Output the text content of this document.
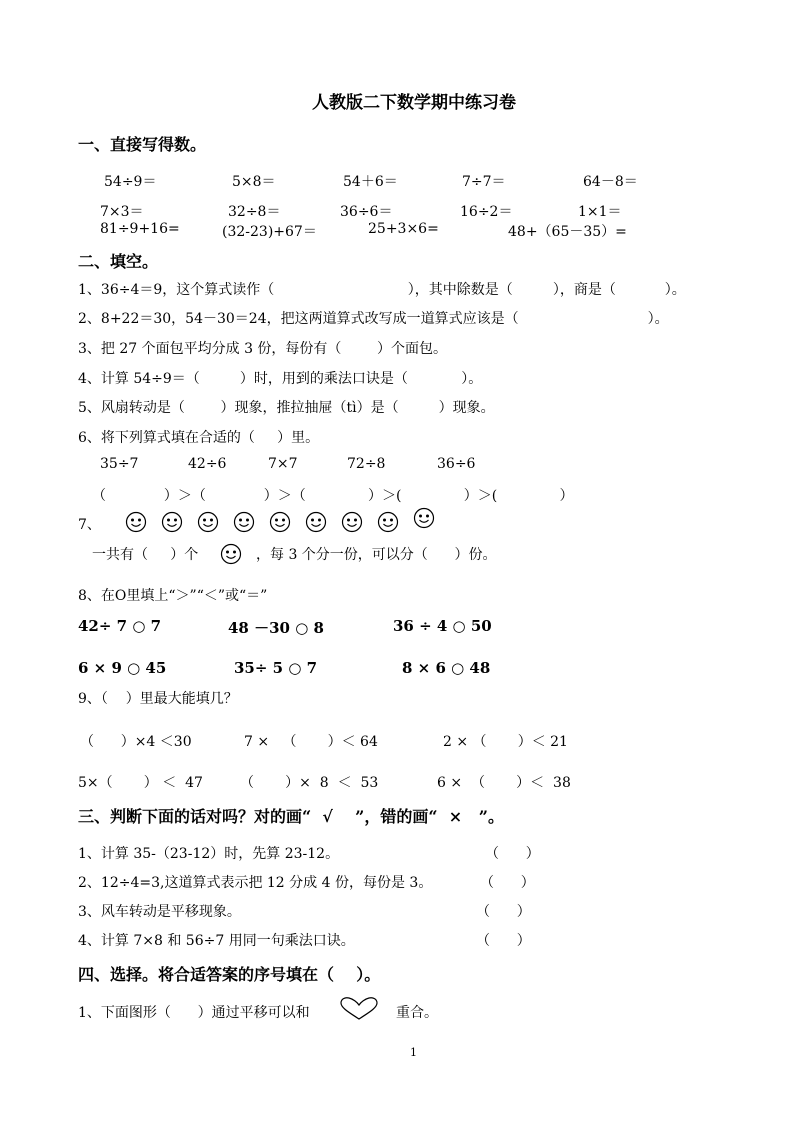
人教版二下数学期中练习卷
一、直接写得数。
54÷9＝	5×8＝	54＋6＝	7÷7＝	64－8＝
7×3＝	32÷8＝	36÷6＝	16÷2＝	1×1＝
81÷9+16=	(32-23)+67＝	25+3×6=	48+（65－35）=
二、填空。
1、36÷4＝9，这个算式读作（                              ），其中除数是（         ），商是（           ）。
2、8+22＝30，54－30＝24，把这两道算式改写成一道算式应该是（                             ）。
3、把 27 个面包平均分成 3 份，每份有（        ）个面包。
4、计算 54÷9＝（         ）时，用到的乘法口诀是（            ）。
5、风扇转动是（        ）现象，推拉抽屉（tì）是（         ）现象。
6、将下列算式填在合适的（     ）里。
35÷7	42÷6	7×7	72÷8	36÷6
（             ）＞（             ）＞（              ）＞(              ）＞(              ）
7、
一共有（     ）个	，每 3 个分一份，可以分（      ）份。
8、在O里填上“＞”“＜”或“＝”
42÷ 7 ○ 7	48 －30 ○ 8	36 ÷ 4 ○ 50
6 × 9 ○ 45	35÷ 5 ○ 7	8 × 6 ○ 48
9、（    ）里最大能填几？
（      ）×4 ＜30	7 ×   （       ）＜ 64	2 × （       ）＜ 21
5×（       ） ＜  47	（       ）×  8  ＜  53	6 ×  （       ）＜  38
三、判断下面的话对吗？对的画“  √    ”，错的画“  ×   ”。
1、计算 35-（23-12）时，先算 23-12。	（      ）
2、12÷4=3,这道算式表示把 12 分成 4 份，每份是 3。	（      ）
3、风车转动是平移现象。	（      ）
4、计算 7×8 和 56÷7 用同一句乘法口诀。	（      ）
四、选择。将合适答案的序号填在（    ）。
1、下面图形（      ）通过平移可以和	重合。
1
